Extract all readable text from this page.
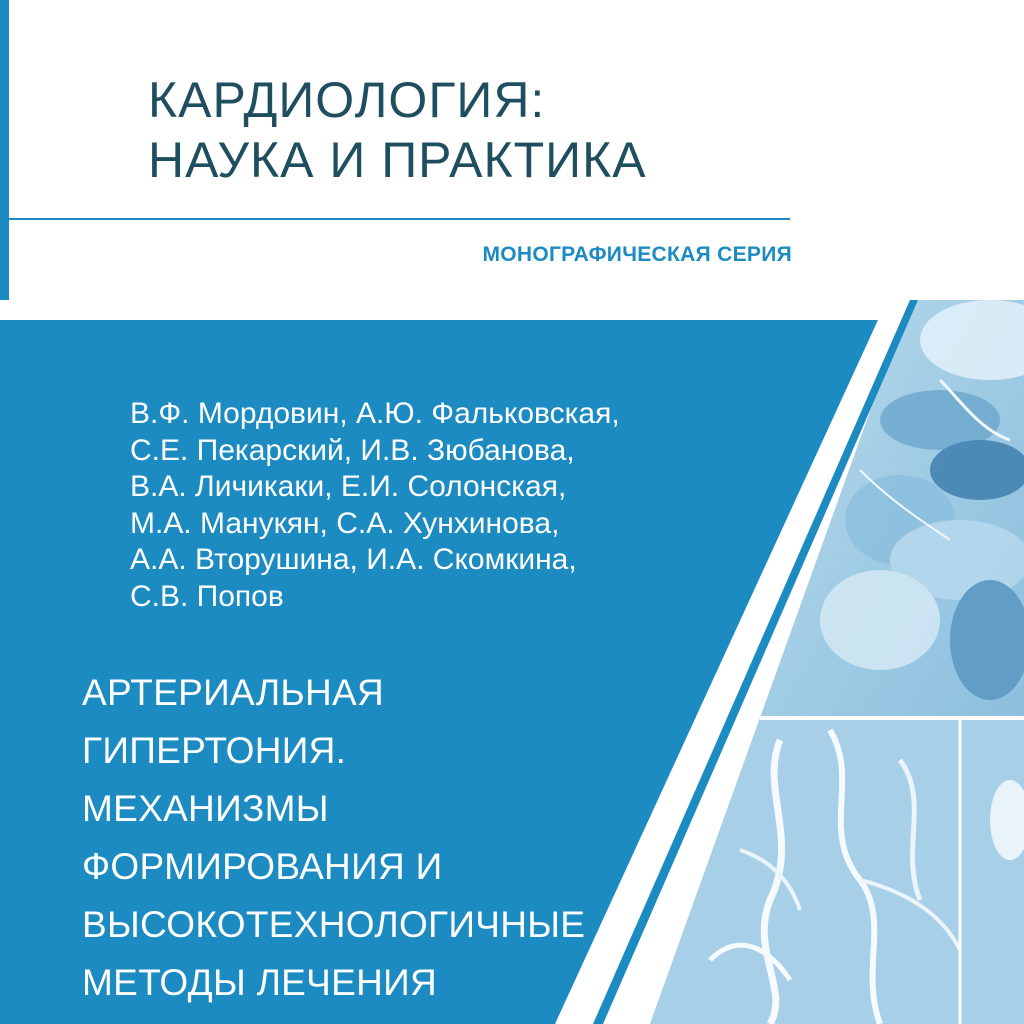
КАРДИОЛОГИЯ:
НАУКА И ПРАКТИКА
МОНОГРАФИЧЕСКАЯ СЕРИЯ
В.Ф. Мордовин, А.Ю. Фальковская,
С.Е. Пекарский, И.В. Зюбанова,
В.А. Личикаки, Е.И. Солонская,
М.А. Манукян, С.А. Хунхинова,
А.А. Вторушина, И.А. Скомкина,
С.В. Попов
АРТЕРИАЛЬНАЯ
ГИПЕРТОНИЯ.
МЕХАНИЗМЫ
ФОРМИРОВАНИЯ И
ВЫСОКОТЕХНОЛОГИЧНЫЕ
МЕТОДЫ ЛЕЧЕНИЯ
